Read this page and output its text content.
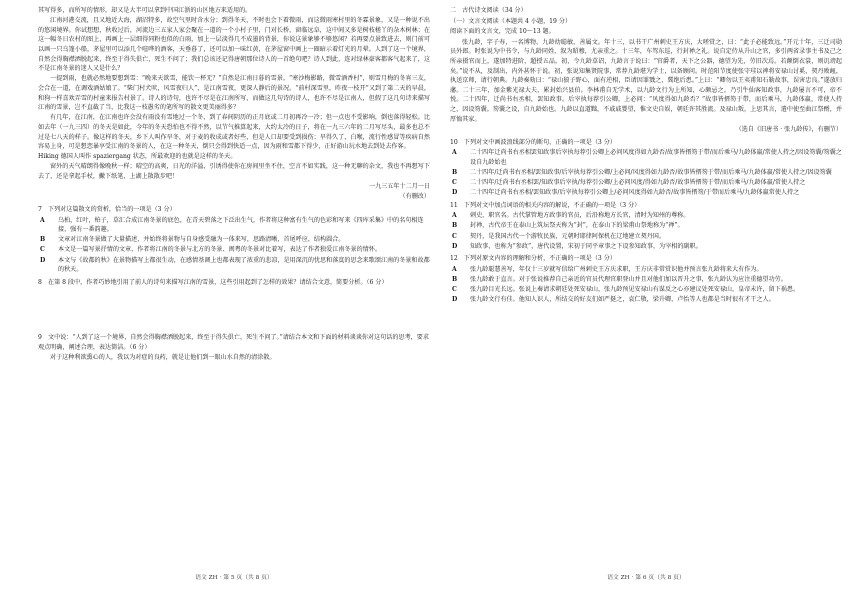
其写得多，而所写的情形，却又是大半可以拿到中国江浙的山区地方来适用的。

江南河港交流，且又地近大海，湖沼特多，故空气里时含水分；到得冬天，不时也会下着微雨，而这微雨寒村里的冬霖景象，又是一种说不出的悠闲境界。你试想想，秋收过后，河流边三五家人家会聚在一道的一个小村子里，门对长桥，窗临远阜，这中间又多是树枝槎丫的杂木树林；在这一幅冬日农村的图上，再画上一层细得同粉也似的白雨，加上一层淡得几不成墨的背景，你说这景象够不够悠闲？若再要点景致进去，则门前可以画一只乌篷小船，茅屋里可以添几个喧哗的酒客，天垂暮了，还可以加一味红黄，在茅屋窗中画上一圈暗示着灯光的月晕。人到了这一个境界，自然会得胸襟洒脱起来，终至于得失俱亡，死生不问了；我们总该还记得唐朝那位诗人的一首绝句吧？诗人到此，连对绿林豪客都客气起来了，这不是江南冬景的迷人又是什么？

一提到雨，也就必然地要想到雪：“晚来天欲雪，能饮一杯无？”自然是江南日暮的雪景。“寒沙梅影路，微雪酒香村”，则雪月梅的冬宵三友，会合在一道，在调戏酒姑娘了。“柴门村犬吠，风雪夜归人”，是江南雪夜，更深人静后的景况。“前村深雪里，昨夜一枝开”又到了第二天的早晨，和狗一样喜欢弄雪的村童来报告村景了。诗人的诗句，也许不尽是在江南所写，而做这几句诗的诗人，也许不尽是江南人，但假了这几句诗来描写江南的雪景，岂不直截了当，比我这一枝愚劣的笔所写的散文更美丽得多？

有几年，在江南，在江南也许会没有雨没有雪地过一个冬，到了春间阴历的正月底或二月初再冷一冷；但一点也不受影响，倒也落得轻松。比如去年（一九三四）的冬天是如此，今年的冬天恐怕也不得不然，以节气推算起来，大约太冷的日子，将在一九三六年的二月写尽头，最多也总不过是七八天的样子。像这样的冬天，乡下人叫作旱冬，对于麦的收成或者好些，但是人口却要受到损伤；旱得久了，白喉，流行性感冒等疾病自然容易上身，可是想恋暴享受江南的冬景的人，在这一种冬天，倒只会得到快适一点，因为雨和雪都下得少，正好游山玩水地去到处去作客。

Hiking 德国人叫作 spaziergang 状态，所最欢迎的也就是这样的冬天。

窗外的天气晴朗得像晚秋一样；晴空的高爽，日光的洋溢，引诱得使你在房间里坐不住，空言不如实践，这一种无聊的杂文，我也不再想写下去了，还是拿起手杖，撇下纸笔，上湖上散散步吧！

一九三五年十二月一日

（有删改）

7　下列对这篇散文的赏析，恰当的一项是（3 分）

A 乌桕，红叶，柏子，草汇合成江南冬景的底色，在青天碧落之下泛出生气，作者将这种富有生气的色彩和写来《四库采集》中的名句相连接，强有一番韵趣。
B 文章对江南冬景做了大量描述，并始终将景物与自身感受融为一体来写，思路清晰，首尾呼应，结构圆合。
C 本文是一篇写景抒情的文章，作者将江南的冬景与北方的冬景、闽粤的冬景对比着写，表达了作者独爱江南冬景的情怀。
D 本文与《故都的秋》在景物描写上都很生动，在感情基调上也都表现了浓重的悲凉，是用深沉的忧思和落寞的思念来歌颂江南的冬景和故都的秋天。

8　在第 8 段中，作者巧妙地引用了前人的诗句来描写江南的雪景，这些引用起到了怎样的效果？请结合文意，简要分析。（6 分）

9　文中说：“人到了这一个境界，自然会得胸襟洒脱起来，终至于得失俱亡，死生不问了。”请结合本文和下面的材料谈谈你对这句话的思考，要求观点明确，阐述合理，表达简洁。（6 分）

对于这种利欲熏心的人，我以为对症的良药，就是让他们到一眼山水自然的清涂散。

语文 ZH · 第 5 页（共 8 页）

二　古代诗文阅读（34 分）

（一）文言文阅读（本题共 4 小题，19 分）

阅读下面的文言文，完成 10～13 题。

张九龄，字子寿，一名博物。九龄幼聪敏，善属文。年十三，以书干广州刺史王方庆，大嗟赏之，曰：“此子必能致远。”开元十年，三迁司勋员外郎。时张说为中书令，与九龄同姓，叙为昭穆，尤亲重之。十三年，车驾东巡，行封禅之礼。说自定侍从升山之官，多引两省录事主书及己之所亲摄官而上，遂加特进阶，超授五品。初，令九龄草诏，九龄言于说曰：“官爵者，天下之公器，德望为先，劳旧次焉。若颠倒衣裳，则讥谤起矣。”说不从，及制出，内外甚怀于说。初，张说知集贤院事，常荐九龄堪为学士，以备顾问。时范阳节度使张守珪以裨将安禄山讨奚、契丹败衄，执送京师，请行朝典。九龄奏劾曰：“禄山狼子野心，面有逆相，臣请因罪戮之，冀绝后患。”上曰：“卿勿以王夷甫知石勒故事，误害忠良。”遂放归藩。二十三年，加金紫光禄大夫，累封始兴县伯。李林甫自无学术，以九龄文行为上所知，心颇忌之。乃引牛仙客知政事，九龄屡言不可，帝不悦。二十四年，迁尚书右丞相，罢知政事。后宰执每荐引公卿，上必问：“风度得如九龄否？”故事皆搢笏于带，而后乘马，九龄体羸，常使人持之，因设笏囊。笏囊之设，自九龄始也。九龄以直道黜，不戚戚婴望，惟文史自娱，朝廷许其胜流。及禄山叛，上思其言，遣中使至曲江祭酹，并厚恤其家。

（选自《旧唐书 · 张九龄传》，有删节）

10　下列对文中画波浪线部分的断句，正确的一项是（3 分）

A 二十四年迁尚书右丞相罢知政事后宰执每荐引公卿上必问风度得如九龄否/故事皆搢笏于带/而后乘马/九龄体羸/常使人持之/因设笏囊/笏囊之设自九龄始也
B 二十四年/迁尚书右丞相/罢知政事/后宰执每荐引公卿/上必问/风度得如九龄否/故事皆搢笏于带/而后乘马/九龄体羸/常使人持之/因设笏囊
C 二十四年/迁尚书右丞相罢/知政事后宰执/每荐引公卿/上必问风度/得如九龄否/故事皆搢笏于带/而后乘马/九龄体羸/常使人持之
D 二十四年迁尚书右丞相/罢知政事/后宰执每荐引公卿上/必问风度得如九龄否/故事皆搢笏/于带而后乘马/九龄体羸常使人持之

11　下列对文中加点词语的相关内容的解说，不正确的一项是（3 分）

A 刺史，职官名。古代掌管地方政事的官员，后沿称地方长官，清时为知州的尊称。
B 封禅，古代帝王在泰山上筑坛祭天称为“封”，在泰山下的梁甫山祭地称为“禅”。
C 契丹，是我国古代一个游牧民族，元朝时耶律阿保机在辽地建立契丹国。
D 知政事，也称为“参政”，唐代设置，宋初于同平章事之下设参知政事，为宰相的副职。

12　下列对原文内容的理解和分析，不正确的一项是（3 分）

A 张九龄聪慧善写，年仅十三岁就写信给广州刺史王方庆求职，王方庆非常赏识他并预言张九龄将来大有作为。
B 张九龄敢于直言。对于张说推荐自己亲近的官员代理官职登山并且对他们加以晋升之事，张九龄认为应注重德望功劳。
C 张九龄目光长远。张说上奏请求朝廷处死安禄山，张九龄预见安禄山有谋反之心亦建议处死安禄山，皇帝未许，留下祸患。
D 张九龄文行有佳。他知人识人，所结交的好友们如严挺之，袁仁敬，梁升卿，卢怡等人也都是当时很有才干之人。
语文 ZH · 第 6 页（共 8 页）
